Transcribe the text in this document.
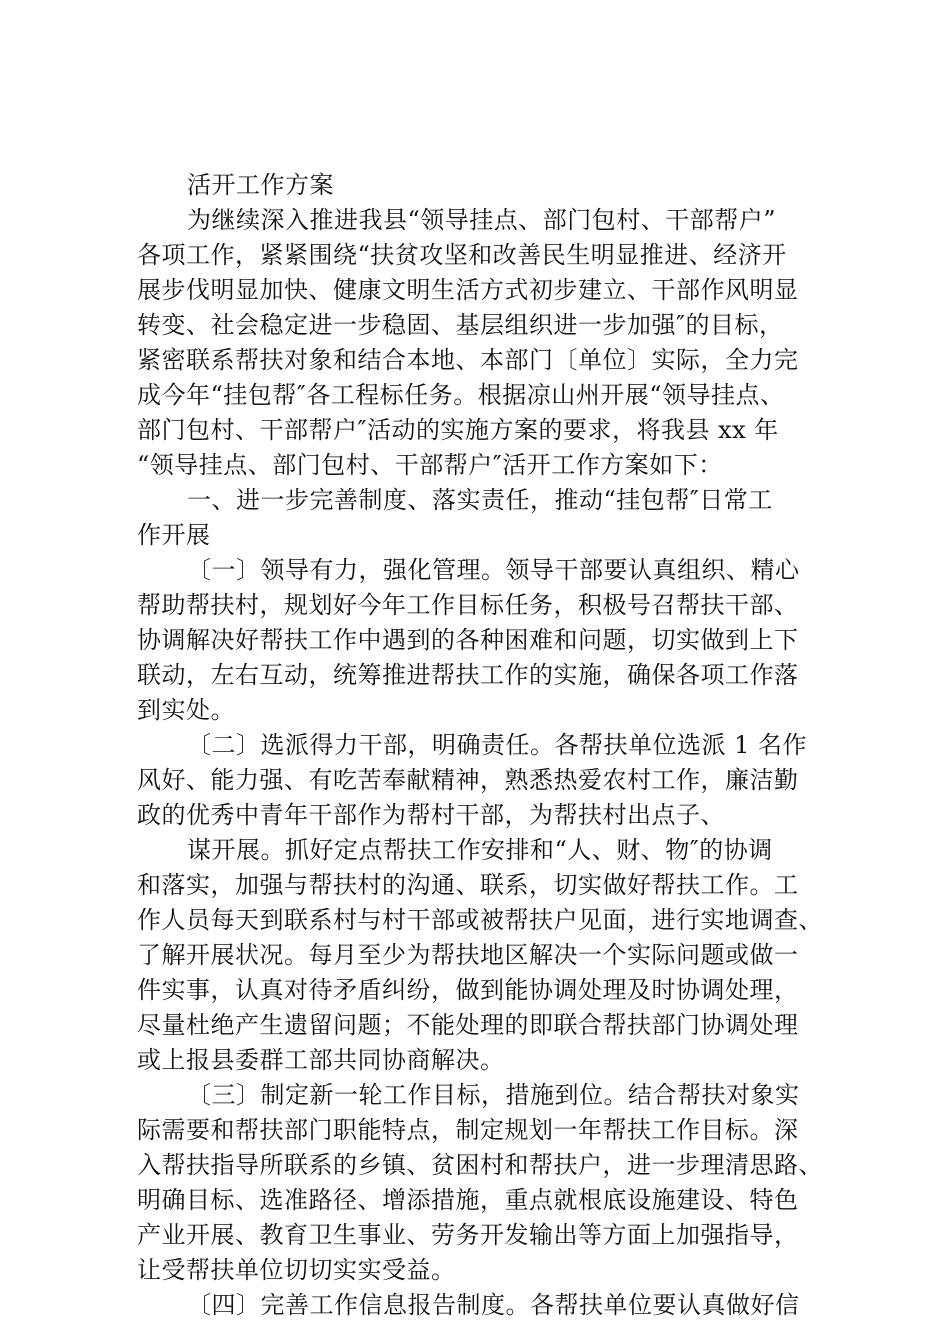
活开工作方案
为继续深入推进我县“领导挂点、部门包村、干部帮户”
各项工作，紧紧围绕“扶贫攻坚和改善民生明显推进、经济开
展步伐明显加快、健康文明生活方式初步建立、干部作风明显
转变、社会稳定进一步稳固、基层组织进一步加强″的目标，
紧密联系帮扶对象和结合本地、本部门〔单位〕实际，全力完
成今年“挂包帮″各工程标任务。根据凉山州开展“领导挂点、
部门包村、干部帮户″活动的实施方案的要求，将我县 xx 年
“领导挂点、部门包村、干部帮户″活开工作方案如下：
一、进一步完善制度、落实责任，推动“挂包帮″日常工
作开展
〔一〕领导有力，强化管理。领导干部要认真组织、精心
帮助帮扶村，规划好今年工作目标任务，积极号召帮扶干部、
协调解决好帮扶工作中遇到的各种困难和问题，切实做到上下
联动，左右互动，统筹推进帮扶工作的实施，确保各项工作落
到实处。
〔二〕选派得力干部，明确责任。各帮扶单位选派 1 名作
风好、能力强、有吃苦奉献精神，熟悉热爱农村工作，廉洁勤
政的优秀中青年干部作为帮村干部，为帮扶村出点子、
谋开展。抓好定点帮扶工作安排和“人、财、物″的协调
和落实，加强与帮扶村的沟通、联系，切实做好帮扶工作。工
作人员每天到联系村与村干部或被帮扶户见面，进行实地调查、
了解开展状况。每月至少为帮扶地区解决一个实际问题或做一
件实事，认真对待矛盾纠纷，做到能协调处理及时协调处理，
尽量杜绝产生遗留问题；不能处理的即联合帮扶部门协调处理
或上报县委群工部共同协商解决。
〔三〕制定新一轮工作目标，措施到位。结合帮扶对象实
际需要和帮扶部门职能特点，制定规划一年帮扶工作目标。深
入帮扶指导所联系的乡镇、贫困村和帮扶户，进一步理清思路、
明确目标、选准路径、增添措施，重点就根底设施建设、特色
产业开展、教育卫生事业、劳务开发输出等方面上加强指导，
让受帮扶单位切切实实受益。
〔四〕完善工作信息报告制度。各帮扶单位要认真做好信
